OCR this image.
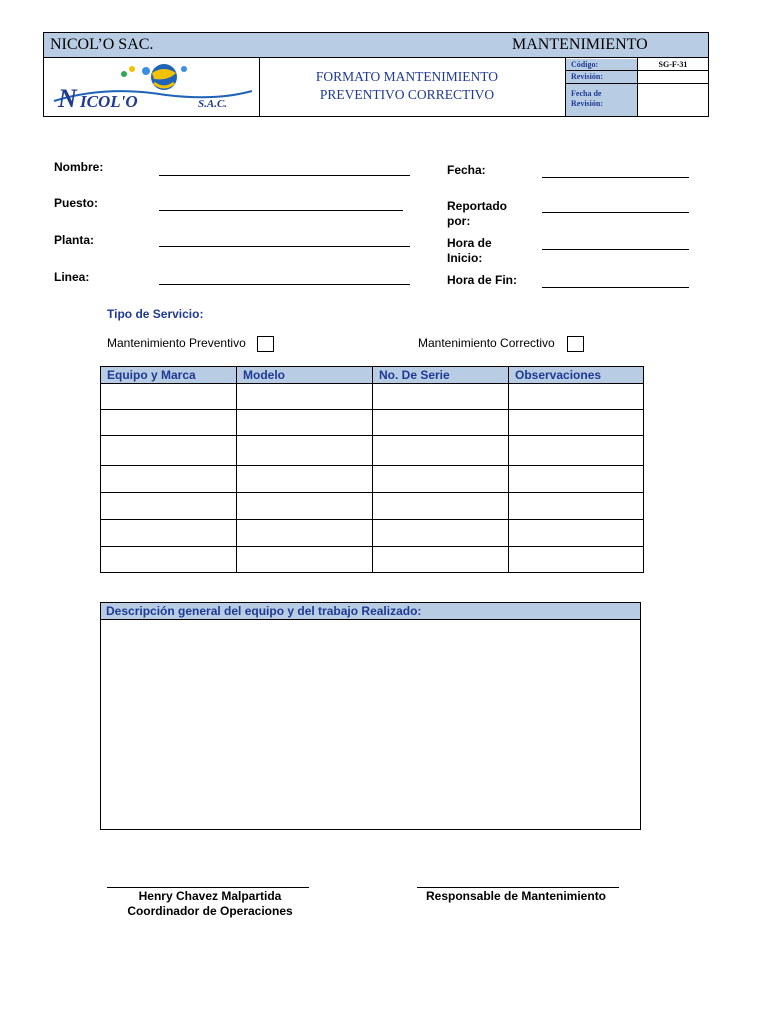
NICOL’O SAC.	MANTENIMIENTO
Código:	SG-F-31
Revisión:
Fecha de
Revisión:
FORMATO MANTENIMIENTO
PREVENTIVO CORRECTIVO
N ICOL'O	S.A.C.
Nombre:
Puesto:
Planta:
Linea:
Fecha:
Reportado
por:
Hora de
Inicio:
Hora de Fin:
Tipo de Servicio:
Mantenimiento Preventivo	Mantenimiento Correctivo
Equipo y Marca	Modelo	No. De Serie	Observaciones

Descripción general del equipo y del trabajo Realizado:
Henry Chavez Malpartida
Coordinador de Operaciones
Responsable de Mantenimiento
